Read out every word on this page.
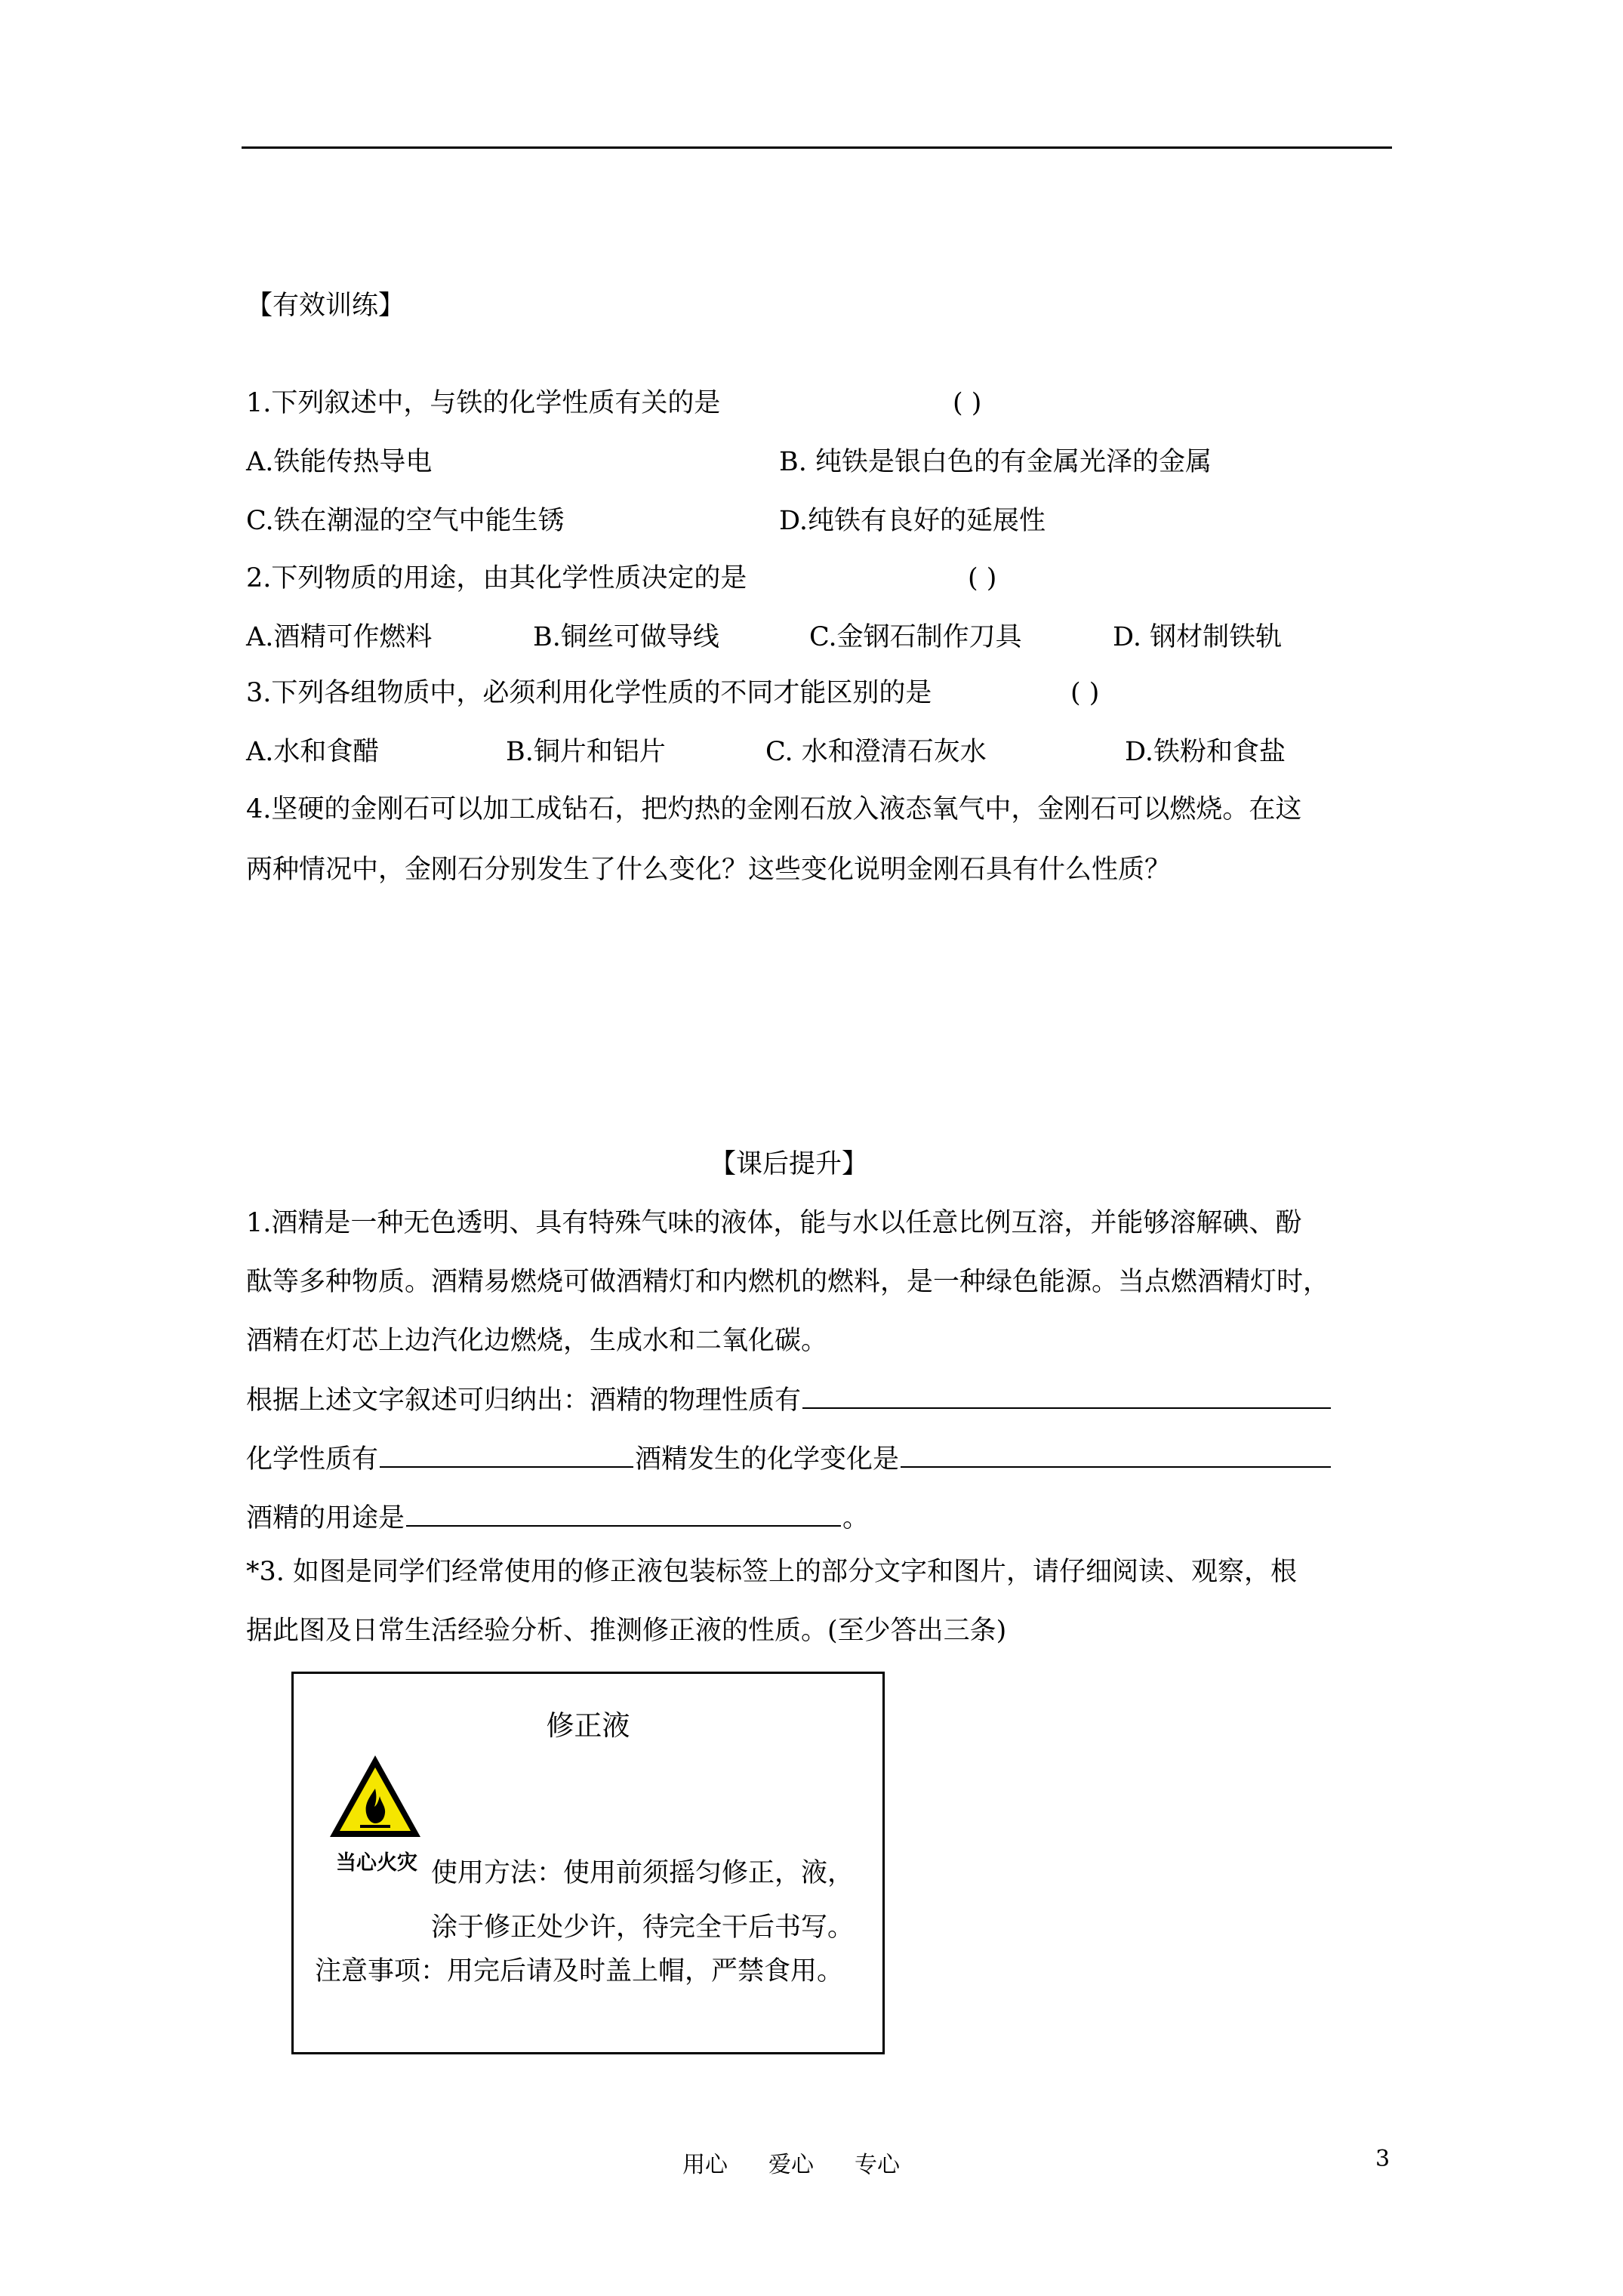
【有效训练】
1.下列叙述中，与铁的化学性质有关的是	( )
A.铁能传热导电	B. 纯铁是银白色的有金属光泽的金属
C.铁在潮湿的空气中能生锈	D.纯铁有良好的延展性
2.下列物质的用途，由其化学性质决定的是	( )
A.酒精可作燃料	B.铜丝可做导线	C.金钢石制作刀具	D. 钢材制铁轨
3.下列各组物质中，必须利用化学性质的不同才能区别的是	( )
A.水和食醋	B.铜片和铝片	C. 水和澄清石灰水	D.铁粉和食盐
4.坚硬的金刚石可以加工成钻石，把灼热的金刚石放入液态氧气中，金刚石可以燃烧。在这
两种情况中，金刚石分别发生了什么变化？这些变化说明金刚石具有什么性质？
【课后提升】
1.酒精是一种无色透明、具有特殊气味的液体，能与水以任意比例互溶，并能够溶解碘、酚
酞等多种物质。酒精易燃烧可做酒精灯和内燃机的燃料，是一种绿色能源。当点燃酒精灯时，
酒精在灯芯上边汽化边燃烧，生成水和二氧化碳。
根据上述文字叙述可归纳出：酒精的物理性质有
化学性质有	酒精发生的化学变化是
酒精的用途是	。
*3. 如图是同学们经常使用的修正液包装标签上的部分文字和图片，请仔细阅读、观察，根
据此图及日常生活经验分析、推测修正液的性质。(至少答出三条)
修正液
当心火灾 使用方法：使用前须摇匀修正，液，
涂于修正处少许，待完全干后书写。
注意事项：用完后请及时盖上帽，严禁食用。
用心 爱心 专心	3
